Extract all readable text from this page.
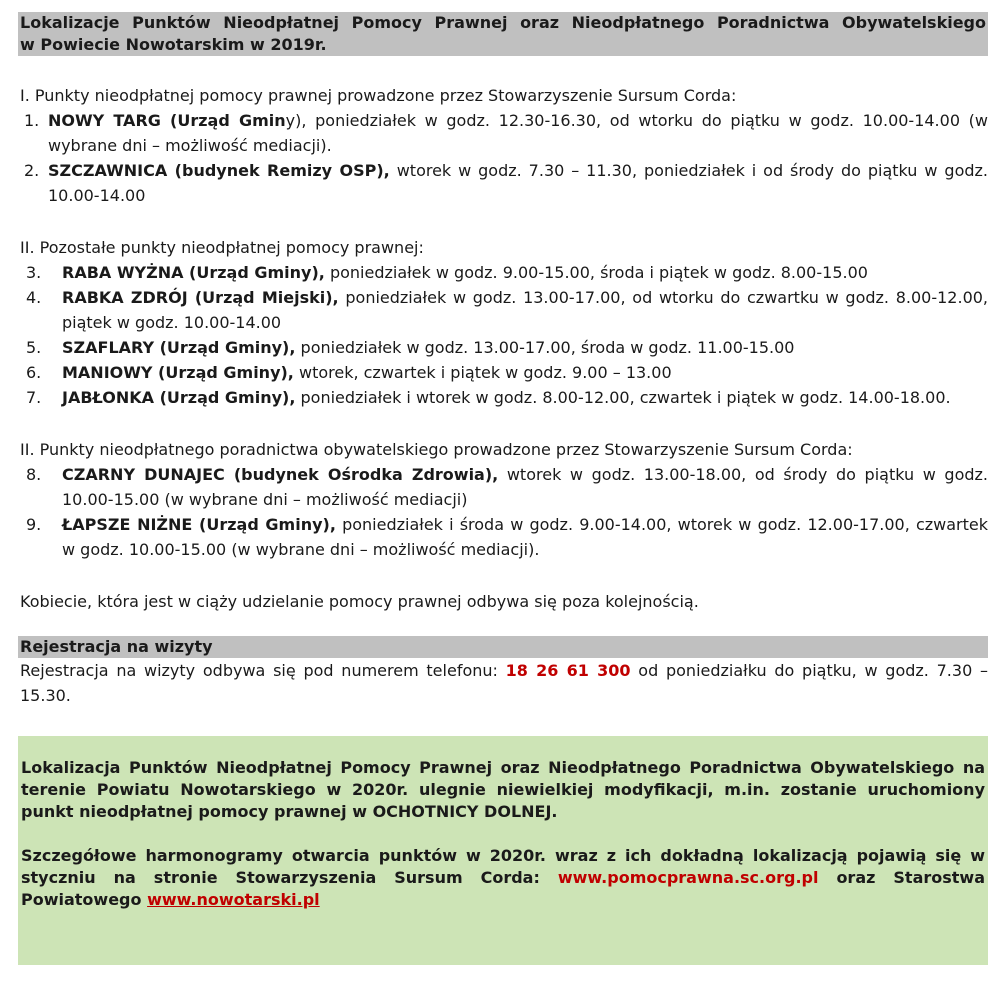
Lokalizacje Punktów Nieodpłatnej Pomocy Prawnej oraz Nieodpłatnego Poradnictwa Obywatelskiego
w Powiecie Nowotarskim w 2019r.
I. Punkty nieodpłatnej pomocy prawnej prowadzone przez Stowarzyszenie Sursum Corda:
1. NOWY TARG (Urząd Gminy), poniedziałek w godz. 12.30-16.30, od wtorku do piątku w godz. 10.00-14.00 (w wybrane dni – możliwość mediacji).
2. SZCZAWNICA (budynek Remizy OSP), wtorek w godz. 7.30 – 11.30, poniedziałek i od środy do piątku w godz. 10.00-14.00
II. Pozostałe punkty nieodpłatnej pomocy prawnej:
3. RABA WYŻNA (Urząd Gminy), poniedziałek w godz. 9.00-15.00, środa i piątek w godz. 8.00-15.00
4. RABKA ZDRÓJ (Urząd Miejski), poniedziałek w godz. 13.00-17.00, od wtorku do czwartku w godz. 8.00-12.00, piątek w godz. 10.00-14.00
5. SZAFLARY (Urząd Gminy), poniedziałek w godz. 13.00-17.00, środa w godz. 11.00-15.00
6. MANIOWY (Urząd Gminy), wtorek, czwartek i piątek w godz. 9.00 – 13.00
7. JABŁONKA (Urząd Gminy), poniedziałek i wtorek w godz. 8.00-12.00, czwartek i piątek w godz. 14.00-18.00.
II. Punkty nieodpłatnego poradnictwa obywatelskiego prowadzone przez Stowarzyszenie Sursum Corda:
8. CZARNY DUNAJEC (budynek Ośrodka Zdrowia), wtorek w godz. 13.00-18.00, od środy do piątku w godz. 10.00-15.00 (w wybrane dni – możliwość mediacji)
9. ŁAPSZE NIŻNE (Urząd Gminy), poniedziałek i środa w godz. 9.00-14.00, wtorek w godz. 12.00-17.00, czwartek w godz. 10.00-15.00 (w wybrane dni – możliwość mediacji).
Kobiecie, która jest w ciąży udzielanie pomocy prawnej odbywa się poza kolejnością.
Rejestracja na wizyty
Rejestracja na wizyty odbywa się pod numerem telefonu: 18 26 61 300 od poniedziałku do piątku, w godz. 7.30 – 15.30.

Lokalizacja Punktów Nieodpłatnej Pomocy Prawnej oraz Nieodpłatnego Poradnictwa Obywatelskiego na terenie Powiatu Nowotarskiego w 2020r. ulegnie niewielkiej modyfikacji, m.in. zostanie uruchomiony punkt nieodpłatnej pomocy prawnej w OCHOTNICY DOLNEJ.

Szczegółowe harmonogramy otwarcia punktów w 2020r. wraz z ich dokładną lokalizacją pojawią się w styczniu na stronie Stowarzyszenia Sursum Corda: www.pomocprawna.sc.org.pl oraz Starostwa Powiatowego www.nowotarski.pl
